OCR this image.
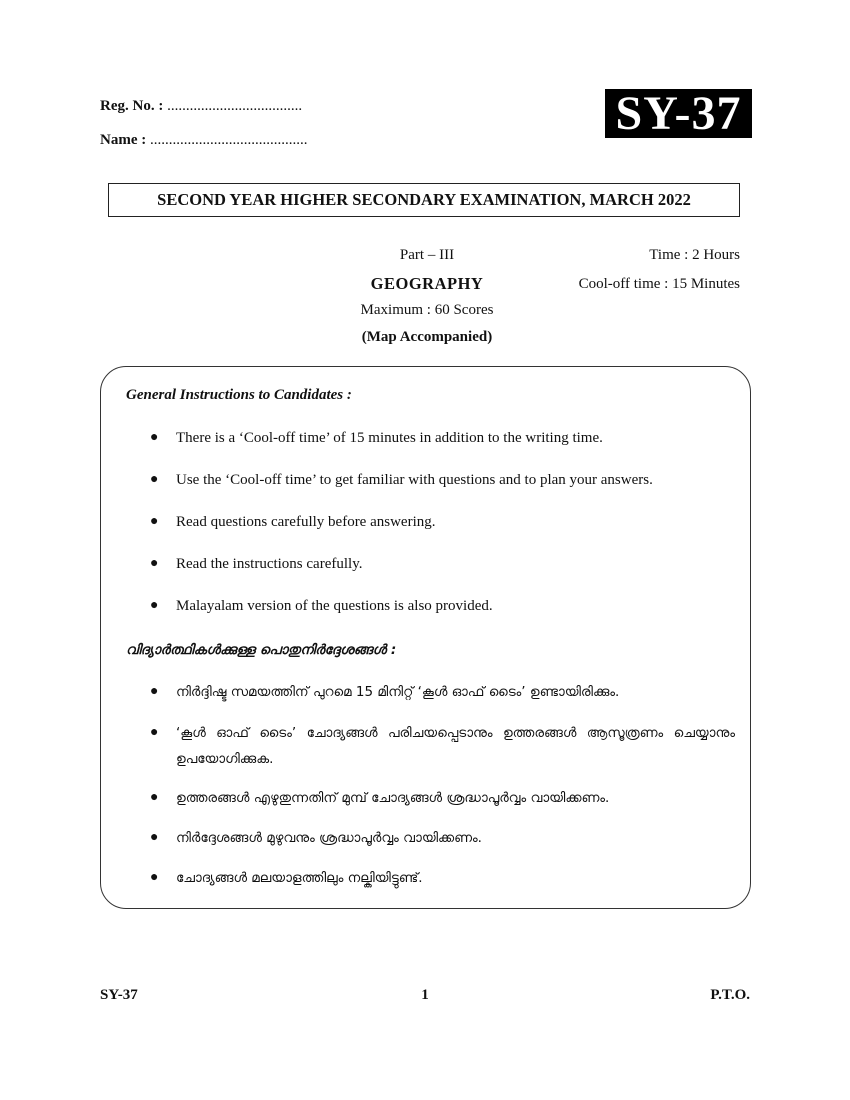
Reg. No. : ....................................
Name : ..........................................	SY-37
SECOND YEAR HIGHER SECONDARY EXAMINATION, MARCH 2022
Part – III
GEOGRAPHY
Maximum : 60 Scores
(Map Accompanied)
Time : 2 Hours
Cool-off time : 15 Minutes
General Instructions to Candidates :
●	There is a ‘Cool-off time’ of 15 minutes in addition to the writing time.
●	Use the ‘Cool-off time’ to get familiar with questions and to plan your answers.
●	Read questions carefully before answering.
●	Read the instructions carefully.
●	Malayalam version of the questions is also provided.
വിദ്യാർത്ഥികൾക്കുള്ള പൊതുനിർദ്ദേശങ്ങൾ :
●	നിർദ്ദിഷ്ട സമയത്തിന് പുറമെ 15 മിനിറ്റ് ‘കൂൾ ഓഫ് ടൈം’ ഉണ്ടായിരിക്കും.
●	‘കൂൾ ഓഫ് ടൈം’ ചോദ്യങ്ങൾ പരിചയപ്പെടാനും ഉത്തരങ്ങൾ ആസൂത്രണം ചെയ്യാനും ഉപയോഗിക്കുക.
●	ഉത്തരങ്ങൾ എഴുതുന്നതിന് മുമ്പ് ചോദ്യങ്ങൾ ശ്രദ്ധാപൂർവ്വം വായിക്കണം.
●	നിർദ്ദേശങ്ങൾ മുഴുവനും ശ്രദ്ധാപൂർവ്വം വായിക്കണം.
●	ചോദ്യങ്ങൾ മലയാളത്തിലും നല്കിയിട്ടുണ്ട്.
SY-37	1	P.T.O.
